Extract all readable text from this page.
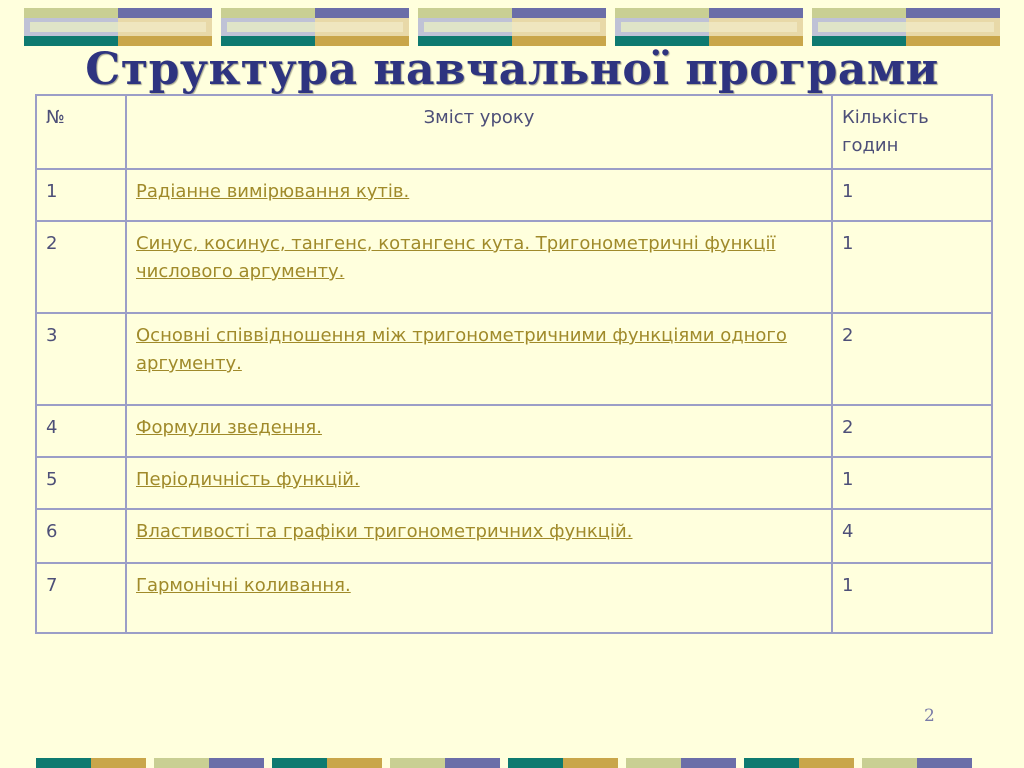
Структура навчальної програми
№	Зміст уроку	Кількість годин
1	Радіанне вимірювання кутів.	1
2	Синус, косинус, тангенс, котангенс кута. Тригонометричні функції числового аргументу.	1
3	Основні співвідношення між тригонометричними функціями одного аргументу.	2
4	Формули зведення.	2
5	Періодичність функцій.	1
6	Властивості та графіки тригонометричних функцій.	4
7	Гармонічні коливання.	1
2
